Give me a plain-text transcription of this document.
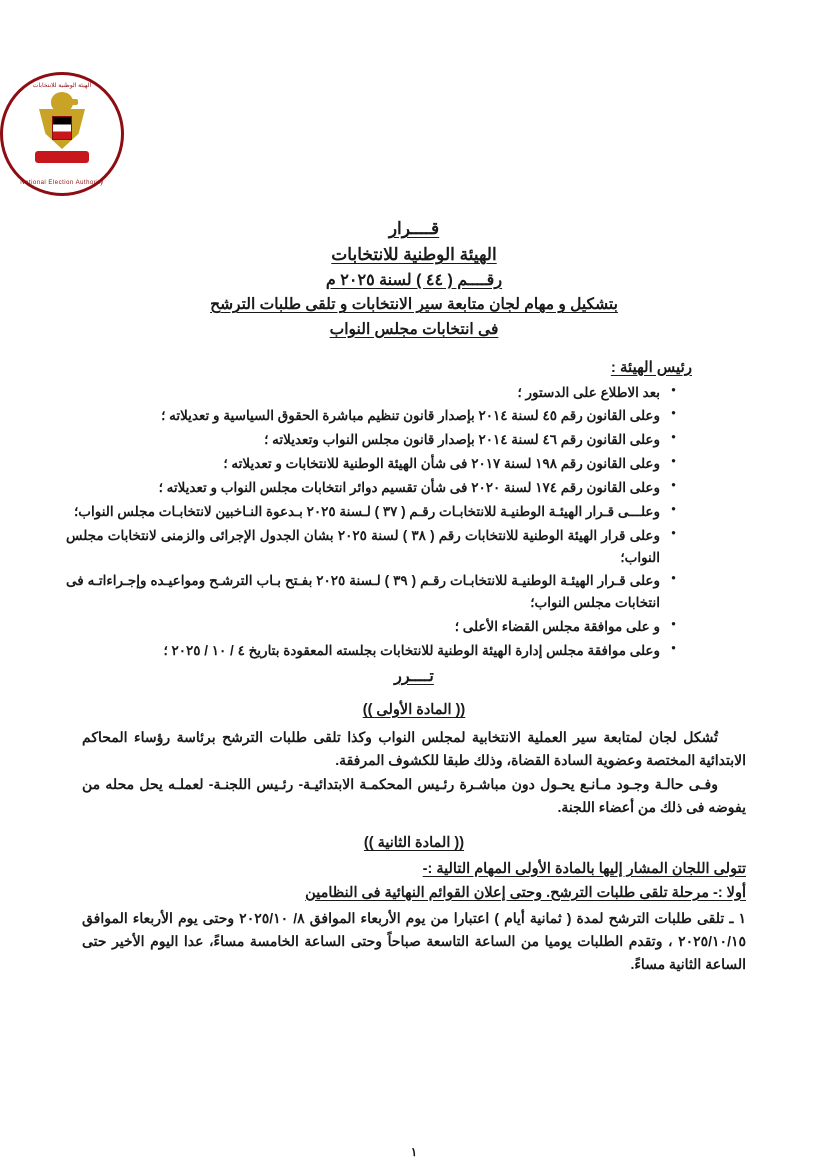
الهيئة الوطنية للانتخابات
National Election Authority
قــــرار
الهيئة الوطنية للانتخابات
رقــــم ( ٤٤ ) لسنة ٢٠٢٥ م
بتشكيل و مهام لجان متابعة سير الانتخابات و تلقى طلبات الترشح
فى انتخابات مجلس النواب
رئيس الهيئة :
● بعد الاطلاع على الدستور ؛
● وعلى القانون رقم ٤٥ لسنة ٢٠١٤ بإصدار قانون تنظيم مباشرة الحقوق السياسية و تعديلاته ؛
● وعلى القانون رقم ٤٦ لسنة ٢٠١٤ بإصدار قانون مجلس النواب وتعديلاته ؛
● وعلى القانون رقم ١٩٨ لسنة ٢٠١٧ فى شأن الهيئة الوطنية للانتخابات و تعديلاته ؛
● وعلى القانون رقم ١٧٤ لسنة ٢٠٢٠ فى شأن تقسيم دوائر انتخابات مجلس النواب و تعديلاته ؛
● وعلـــى قـرار الهيئـة الوطنيـة للانتخابـات رقـم ( ٣٧ ) لـسنة ٢٠٢٥ بـدعوة النـاخبين لانتخابـات مجلس النواب؛
● وعلى قرار الهيئة الوطنية للانتخابات رقم ( ٣٨ ) لسنة ٢٠٢٥ بشان الجدول الإجرائى والزمنى لانتخابات مجلس النواب؛
● وعلى قـرار الهيئـة الوطنيـة للانتخابـات رقـم ( ٣٩ ) لـسنة ٢٠٢٥ بفـتح بـاب الترشـح ومواعيـده وإجـراءاتـه فى انتخابات مجلس النواب؛
● و على موافقة مجلس القضاء الأعلى ؛
● وعلى موافقة مجلس إدارة الهيئة الوطنية للانتخابات بجلسته المعقودة بتاريخ ٤ / ١٠ / ٢٠٢٥ ؛
تــــرر
(( المادة الأولى ))
تُشكل لجان لمتابعة سير العملية الانتخابية لمجلس النواب وكذا تلقى طلبات الترشح برئاسة رؤساء المحاكم الابتدائية المختصة وعضوية السادة القضاة، وذلك طبقا للكشوف المرفقة.
وفـى حالـة وجـود مـانـع يحـول دون مباشـرة رئـيس المحكمـة الابتدائيـة- رئـيس اللجنـة- لعملـه يحل محله من يفوضه فى ذلك من أعضاء اللجنة.
(( المادة الثانية ))
تتولى اللجان المشار إليها بالمادة الأولى المهام التالية :-
أولا :- مرحلة تلقى طلبات الترشح. وحتى إعلان القوائم النهائية فى النظامين
١ ـ تلقى طلبات الترشح لمدة ( ثمانية أيام ) اعتبارا من يوم الأربعاء الموافق ٨/ ٢٠٢٥/١٠ وحتى يوم الأربعاء الموافق ٢٠٢٥/١٠/١٥ ، وتقدم الطلبات يوميا من الساعة التاسعة صباحاً وحتى الساعة الخامسة مساءً، عدا اليوم الأخير حتى الساعة الثانية مساءً.
١
